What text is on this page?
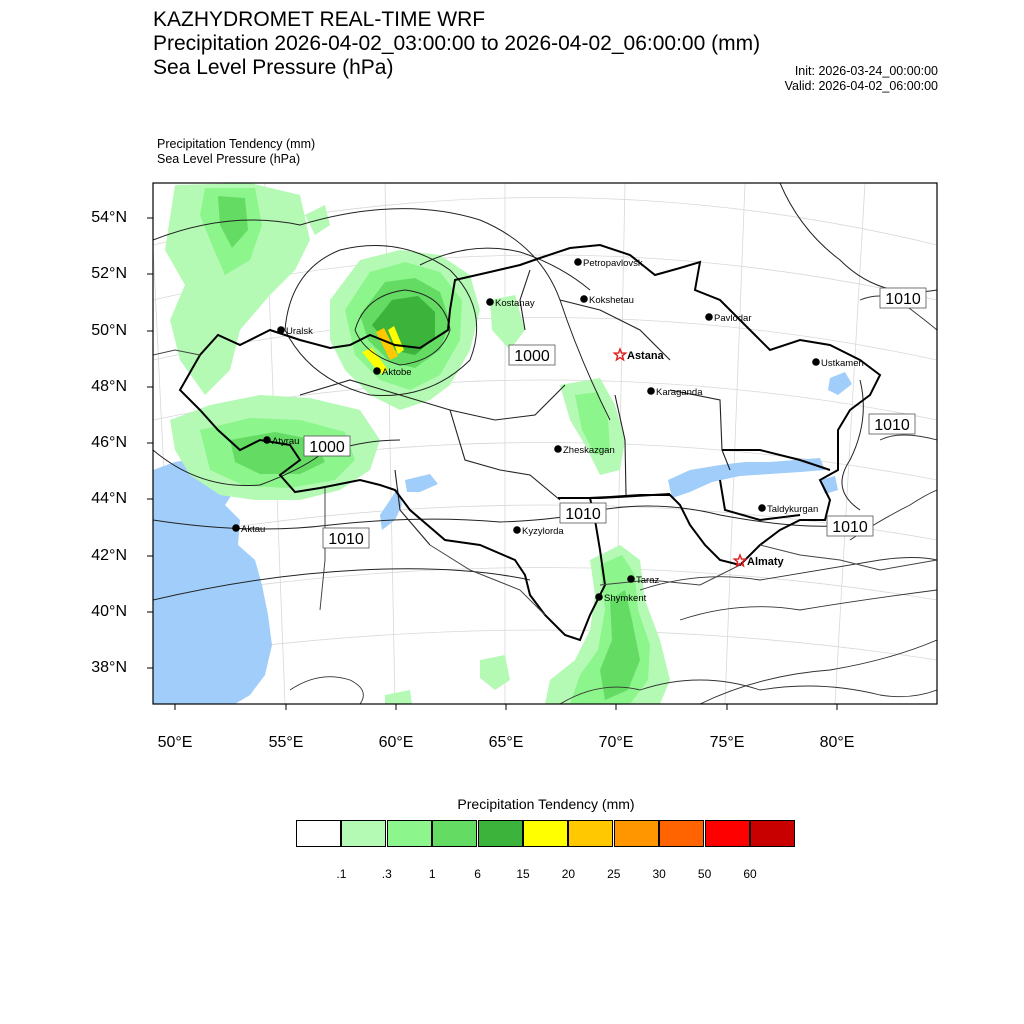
KAZHYDROMET REAL-TIME WRF
Precipitation 2026-04-02_03:00:00 to 2026-04-02_06:00:00 (mm)
Sea Level Pressure (hPa)	Init: 2026-03-24_00:00:00
Valid: 2026-04-02_06:00:00
Precipitation Tendency (mm)
Sea Level Pressure (hPa)
Petropavlovsk
Kostanay	Kokshetau
Pavlodar
Uralsk
Astana
Aktobe
Ustkamen
Karaganda
Atyrau
Zheskazgan
Taldykurgan
Aktau	Kyzylorda
Almaty
Taraz
Shymkent
1010
1000
1010
1000
1010
1010
1010
54°N
52°N
50°N
48°N
46°N
44°N
42°N
40°N
38°N
50°E	55°E	60°E	65°E	70°E	75°E	80°E
Precipitation Tendency (mm)
.1	.3	1	6	15	20	25	30	50	60
